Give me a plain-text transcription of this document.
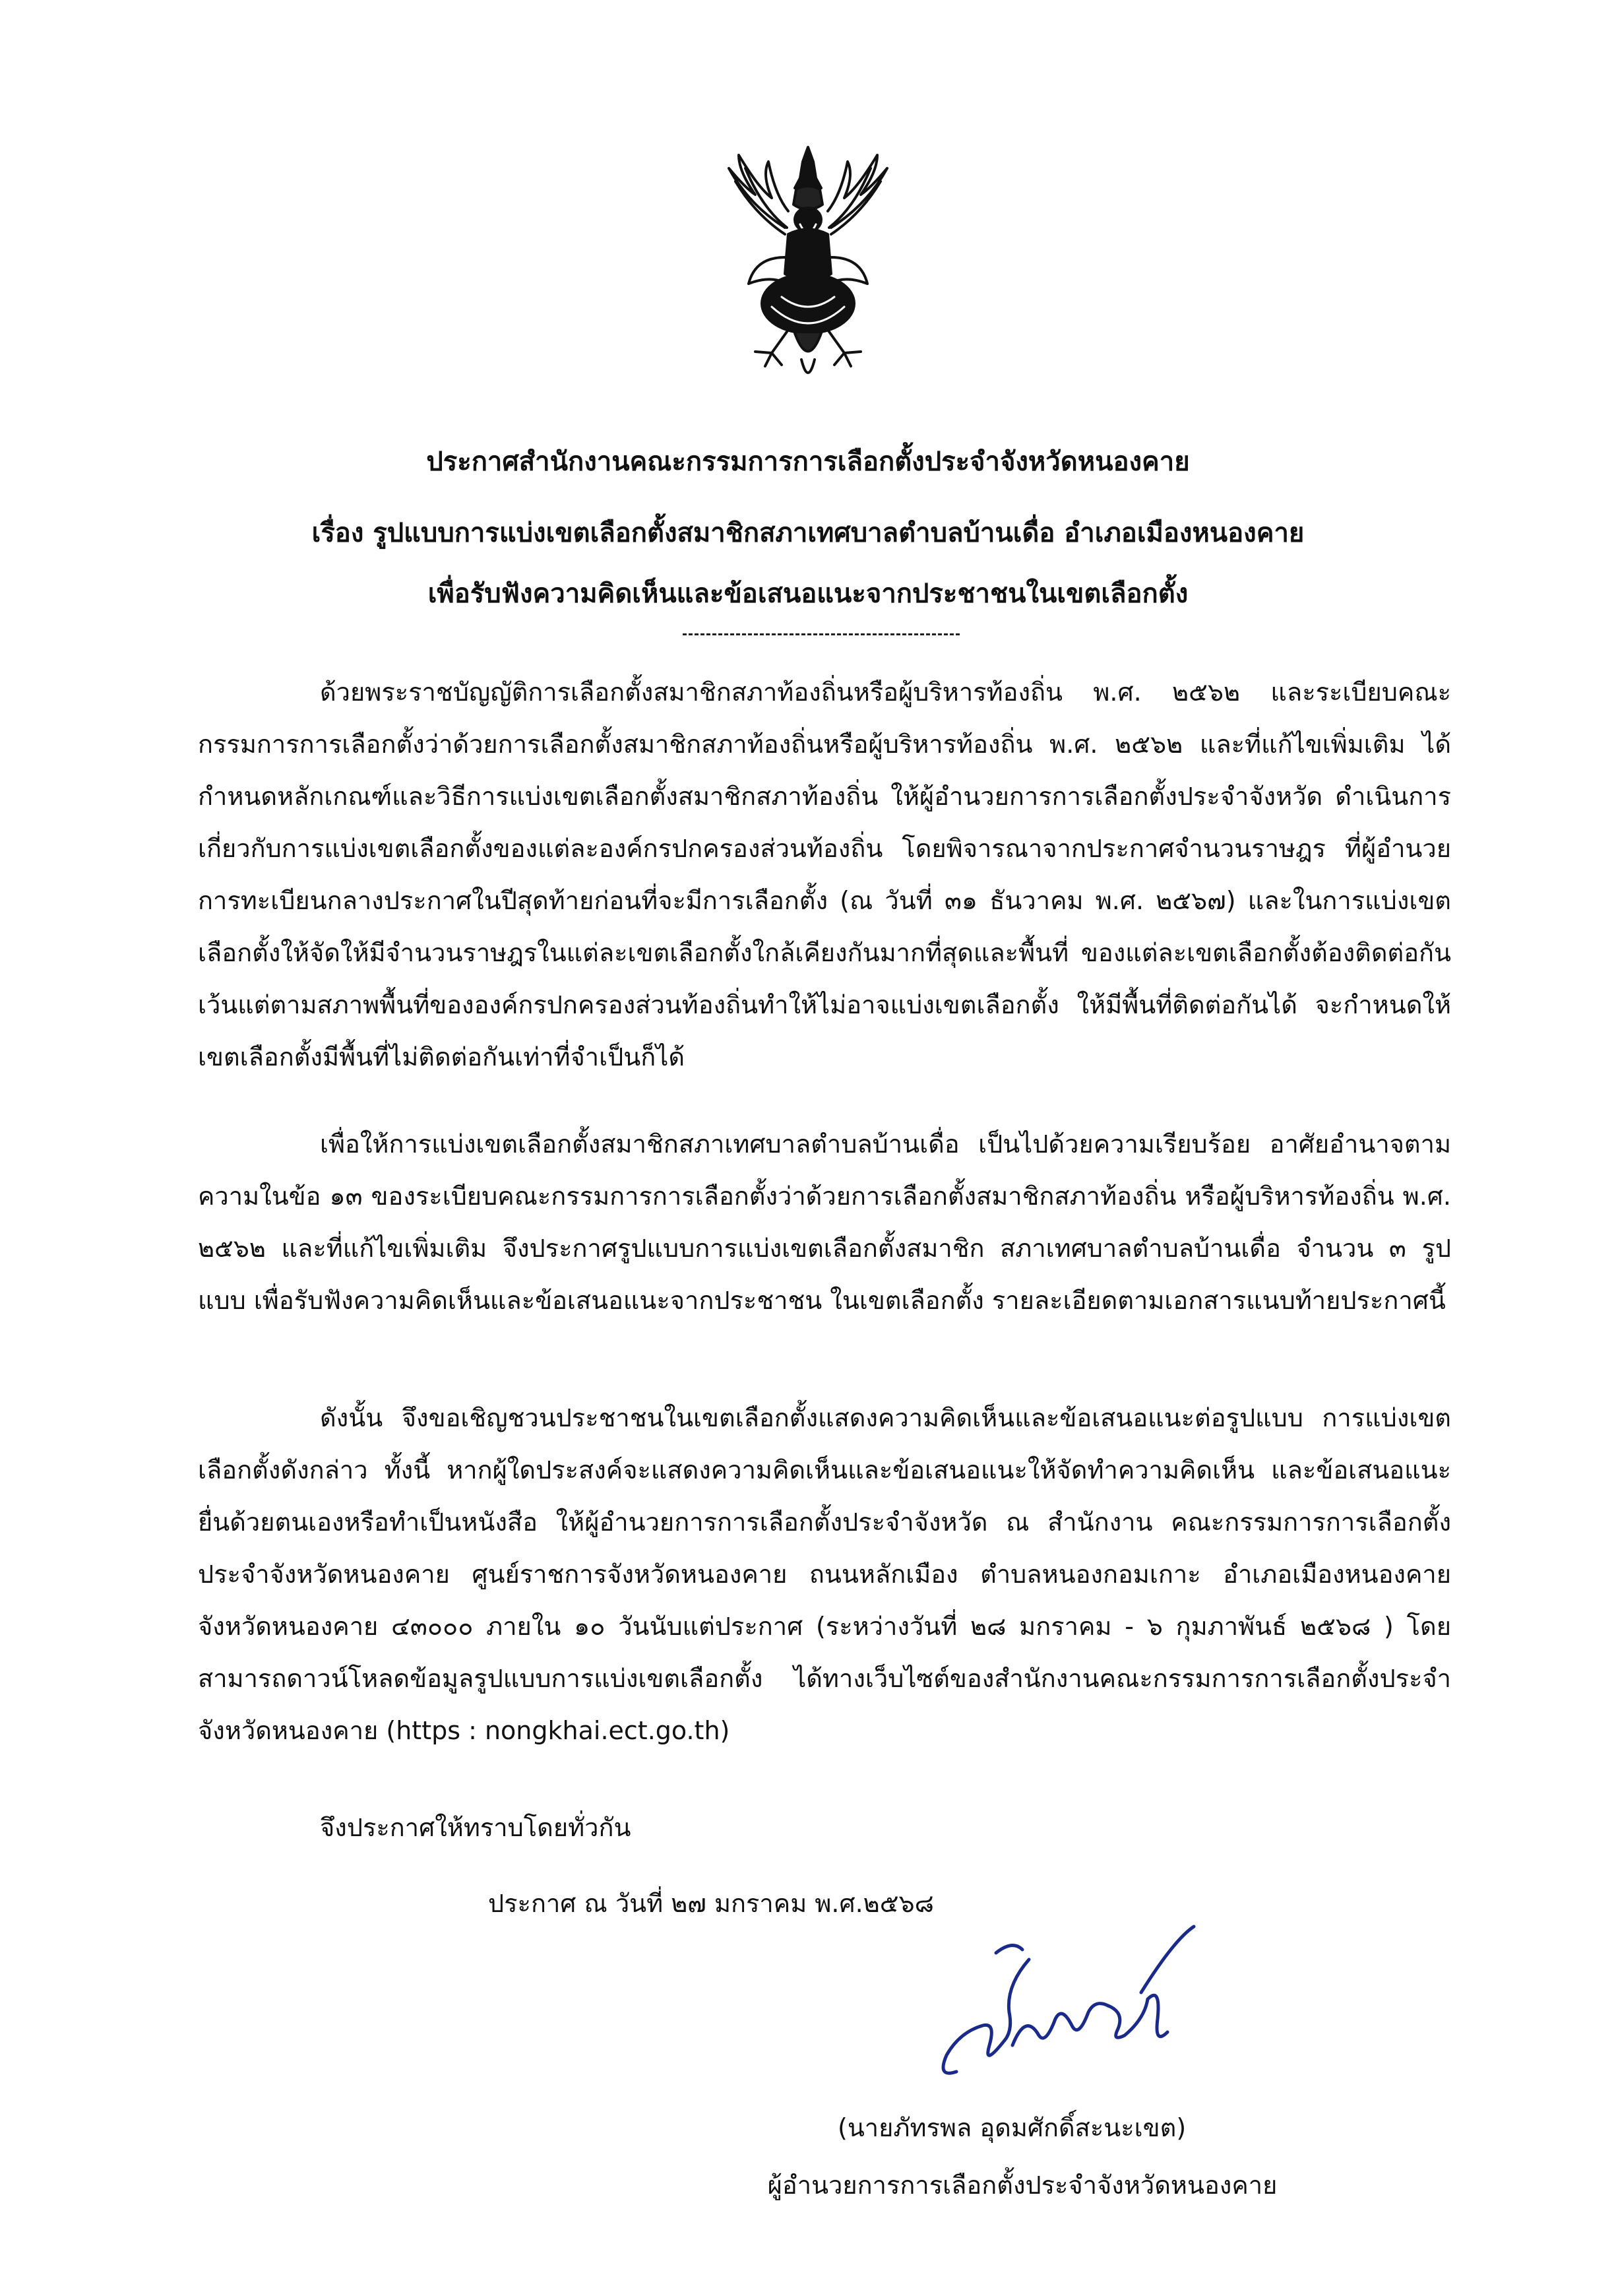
ประกาศสำนักงานคณะกรรมการการเลือกตั้งประจำจังหวัดหนองคาย
เรื่อง รูปแบบการแบ่งเขตเลือกตั้งสมาชิกสภาเทศบาลตำบลบ้านเดื่อ อำเภอเมืองหนองคาย
เพื่อรับฟังความคิดเห็นและข้อเสนอแนะจากประชาชนในเขตเลือกตั้ง

ด้วยพระราชบัญญัติการเลือกตั้งสมาชิกสภาท้องถิ่นหรือผู้บริหารท้องถิ่น พ.ศ. ๒๕๖๒ และระเบียบคณะกรรมการการเลือกตั้งว่าด้วยการเลือกตั้งสมาชิกสภาท้องถิ่นหรือผู้บริหารท้องถิ่น พ.ศ. ๒๕๖๒ และที่แก้ไขเพิ่มเติม ได้กำหนดหลักเกณฑ์และวิธีการแบ่งเขตเลือกตั้งสมาชิกสภาท้องถิ่น ให้ผู้อำนวยการการเลือกตั้งประจำจังหวัด ดำเนินการเกี่ยวกับการแบ่งเขตเลือกตั้งของแต่ละองค์กรปกครองส่วนท้องถิ่น โดยพิจารณาจากประกาศจำนวนราษฎร ที่ผู้อำนวยการทะเบียนกลางประกาศในปีสุดท้ายก่อนที่จะมีการเลือกตั้ง (ณ วันที่ ๓๑ ธันวาคม พ.ศ. ๒๕๖๗) และในการแบ่งเขตเลือกตั้งให้จัดให้มีจำนวนราษฎรในแต่ละเขตเลือกตั้งใกล้เคียงกันมากที่สุดและพื้นที่ ของแต่ละเขตเลือกตั้งต้องติดต่อกัน เว้นแต่ตามสภาพพื้นที่ขององค์กรปกครองส่วนท้องถิ่นทำให้ไม่อาจแบ่งเขตเลือกตั้ง ให้มีพื้นที่ติดต่อกันได้ จะกำหนดให้เขตเลือกตั้งมีพื้นที่ไม่ติดต่อกันเท่าที่จำเป็นก็ได้

เพื่อให้การแบ่งเขตเลือกตั้งสมาชิกสภาเทศบาลตำบลบ้านเดื่อ เป็นไปด้วยความเรียบร้อย อาศัยอำนาจตามความในข้อ ๑๓ ของระเบียบคณะกรรมการการเลือกตั้งว่าด้วยการเลือกตั้งสมาชิกสภาท้องถิ่น หรือผู้บริหารท้องถิ่น พ.ศ. ๒๕๖๒ และที่แก้ไขเพิ่มเติม จึงประกาศรูปแบบการแบ่งเขตเลือกตั้งสมาชิก สภาเทศบาลตำบลบ้านเดื่อ จำนวน ๓ รูปแบบ เพื่อรับฟังความคิดเห็นและข้อเสนอแนะจากประชาชน ในเขตเลือกตั้ง รายละเอียดตามเอกสารแนบท้ายประกาศนี้

ดังนั้น จึงขอเชิญชวนประชาชนในเขตเลือกตั้งแสดงความคิดเห็นและข้อเสนอแนะต่อรูปแบบ การแบ่งเขตเลือกตั้งดังกล่าว ทั้งนี้ หากผู้ใดประสงค์จะแสดงความคิดเห็นและข้อเสนอแนะให้จัดทำความคิดเห็น และข้อเสนอแนะ ยื่นด้วยตนเองหรือทำเป็นหนังสือ ให้ผู้อำนวยการการเลือกตั้งประจำจังหวัด ณ สำนักงาน คณะกรรมการการเลือกตั้งประจำจังหวัดหนองคาย ศูนย์ราชการจังหวัดหนองคาย ถนนหลักเมือง ตำบลหนองกอมเกาะ อำเภอเมืองหนองคาย จังหวัดหนองคาย ๔๓๐๐๐ ภายใน ๑๐ วันนับแต่ประกาศ (ระหว่างวันที่ ๒๘ มกราคม - ๖ กุมภาพันธ์ ๒๕๖๘ ) โดยสามารถดาวน์โหลดข้อมูลรูปแบบการแบ่งเขตเลือกตั้ง ได้ทางเว็บไซต์ของสำนักงานคณะกรรมการการเลือกตั้งประจำจังหวัดหนองคาย (https : nongkhai.ect.go.th)

จึงประกาศให้ทราบโดยทั่วกัน
ประกาศ ณ วันที่ ๒๗ มกราคม พ.ศ.๒๕๖๘
(นายภัทรพล อุดมศักดิ์สะนะเขต)
ผู้อำนวยการการเลือกตั้งประจำจังหวัดหนองคาย
